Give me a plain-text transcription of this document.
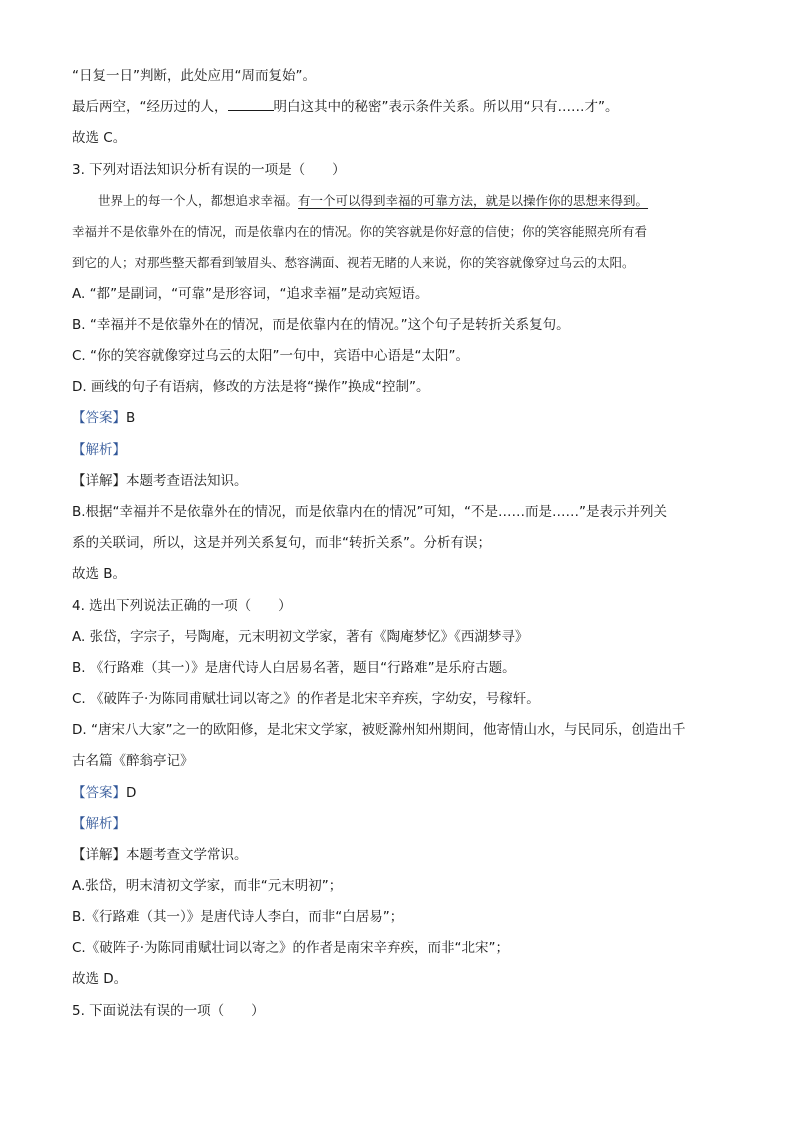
“日复一日”判断，此处应用“周而复始”。
最后两空，“经历过的人，	明白这其中的秘密”表示条件关系。所以用“只有……才”。
故选 C。
3. 下列对语法知识分析有误的一项是（　　）
世界上的每一个人，都想追求幸福。有一个可以得到幸福的可靠方法，就是以操作你的思想来得到。
幸福并不是依靠外在的情况，而是依靠内在的情况。你的笑容就是你好意的信使；你的笑容能照亮所有看
到它的人；对那些整天都看到皱眉头、愁容满面、视若无睹的人来说，你的笑容就像穿过乌云的太阳。
A. “都”是副词，“可靠”是形容词，“追求幸福”是动宾短语。
B. “幸福并不是依靠外在的情况，而是依靠内在的情况。”这个句子是转折关系复句。
C. “你的笑容就像穿过乌云的太阳”一句中，宾语中心语是“太阳”。
D. 画线的句子有语病，修改的方法是将“操作”换成“控制”。
【答案】B
【解析】
【详解】本题考查语法知识。
B.根据“幸福并不是依靠外在的情况，而是依靠内在的情况”可知，“不是……而是……”是表示并列关
系的关联词，所以，这是并列关系复句，而非“转折关系”。分析有误；
故选 B。
4. 选出下列说法正确的一项（　　）
A. 张岱，字宗子，号陶庵，元末明初文学家，著有《陶庵梦忆》《西湖梦寻》
B. 《行路难（其一）》是唐代诗人白居易名著，题目“行路难”是乐府古题。
C. 《破阵子·为陈同甫赋壮词以寄之》的作者是北宋辛弃疾，字幼安，号稼轩。
D. “唐宋八大家”之一的欧阳修，是北宋文学家，被贬滁州知州期间，他寄情山水，与民同乐，创造出千
古名篇《醉翁亭记》
【答案】D
【解析】
【详解】本题考查文学常识。
A.张岱，明末清初文学家，而非“元末明初”；
B.《行路难（其一）》是唐代诗人李白，而非“白居易”；
C.《破阵子·为陈同甫赋壮词以寄之》的作者是南宋辛弃疾，而非“北宋”；
故选 D。
5. 下面说法有误的一项（　　）
